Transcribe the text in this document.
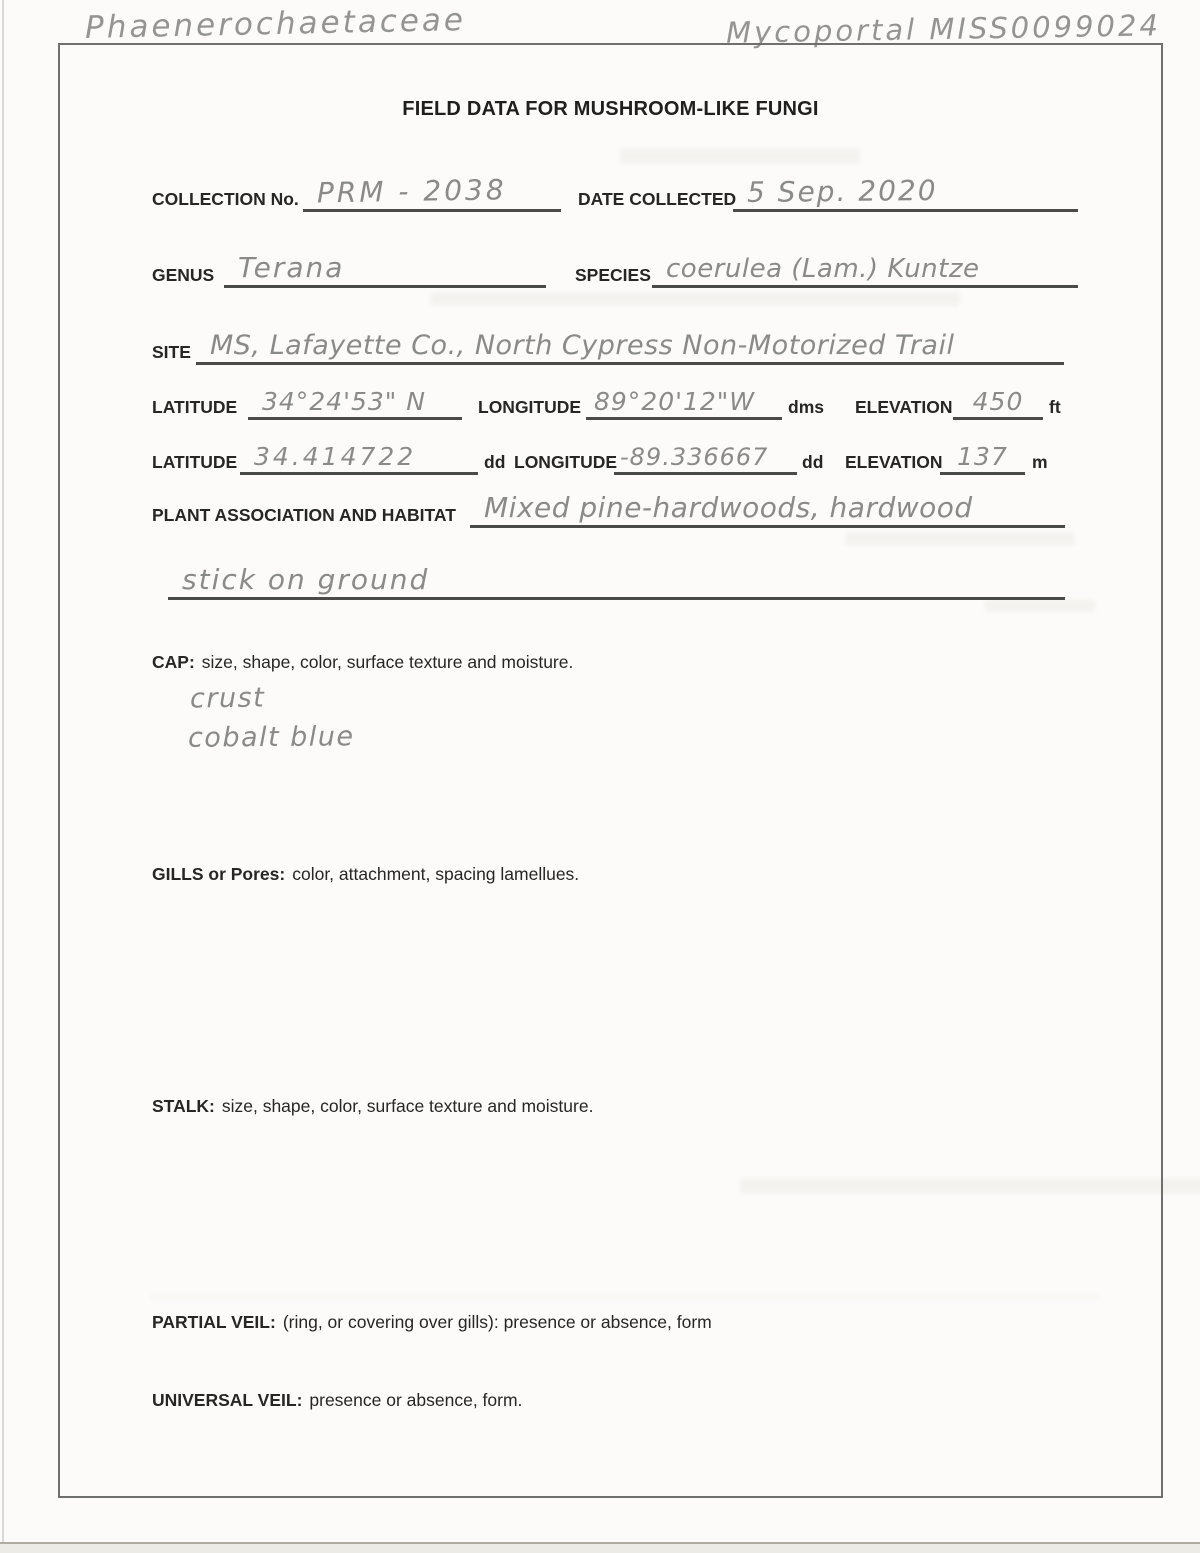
Phaenerochaetaceae	Mycoportal MISS0099024
FIELD DATA FOR MUSHROOM-LIKE FUNGI
COLLECTION No. PRM - 2038	DATE COLLECTED 5 Sep. 2020
GENUS Terana	SPECIES coerulea (Lam.) Kuntze
SITE MS, Lafayette Co., North Cypress Non-Motorized Trail
LATITUDE 34°24'53" N	LONGITUDE 89°20'12"W dms ELEVATION 450 ft
LATITUDE 34.414722	dd LONGITUDE -89.336667 dd ELEVATION 137 m
PLANT ASSOCIATION AND HABITAT	Mixed pine-hardwoods, hardwood
stick on ground
CAP: size, shape, color, surface texture and moisture.
crust
cobalt blue
GILLS or Pores: color, attachment, spacing lamellues.
STALK: size, shape, color, surface texture and moisture.
PARTIAL VEIL: (ring, or covering over gills): presence or absence, form
UNIVERSAL VEIL: presence or absence, form.
